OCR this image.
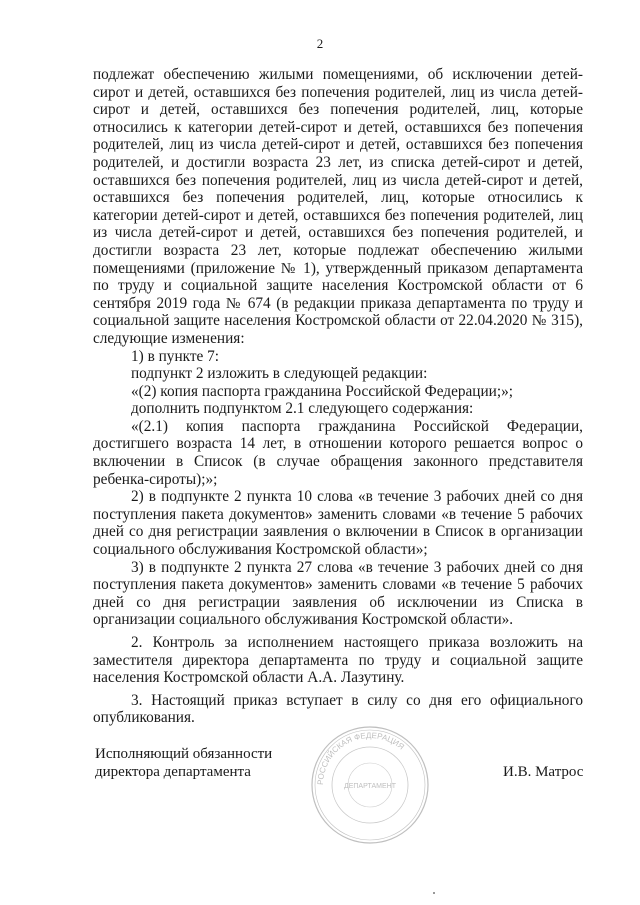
2

подлежат обеспечению жилыми помещениями, об исключении детей-сирот и детей, оставшихся без попечения родителей, лиц из числа детей-сирот и детей, оставшихся без попечения родителей, лиц, которые относились к категории детей-сирот и детей, оставшихся без попечения родителей, лиц из числа детей-сирот и детей, оставшихся без попечения родителей, и достигли возраста 23 лет, из списка детей-сирот и детей, оставшихся без попечения родителей, лиц из числа детей-сирот и детей, оставшихся без попечения родителей, лиц, которые относились к категории детей-сирот и детей, оставшихся без попечения родителей, лиц из числа детей-сирот и детей, оставшихся без попечения родителей, и достигли возраста 23 лет, которые подлежат обеспечению жилыми помещениями (приложение № 1), утвержденный приказом департамента по труду и социальной защите населения Костромской области от 6 сентября 2019 года № 674 (в редакции приказа департамента по труду и социальной защите населения Костромской области от 22.04.2020 № 315), следующие изменения:

1) в пункте 7:

подпункт 2 изложить в следующей редакции:

«(2) копия паспорта гражданина Российской Федерации;»;

дополнить подпунктом 2.1 следующего содержания:

«(2.1) копия паспорта гражданина Российской Федерации, достигшего возраста 14 лет, в отношении которого решается вопрос о включении в Список (в случае обращения законного представителя ребенка-сироты);»;

2) в подпункте 2 пункта 10 слова «в течение 3 рабочих дней со дня поступления пакета документов» заменить словами «в течение 5 рабочих дней со дня регистрации заявления о включении в Список в организации социального обслуживания Костромской области»;

3) в подпункте 2 пункта 27 слова «в течение 3 рабочих дней со дня поступления пакета документов» заменить словами «в течение 5 рабочих дней со дня регистрации заявления об исключении из Списка в организации социального обслуживания Костромской области».

2. Контроль за исполнением настоящего приказа возложить на заместителя директора департамента по труду и социальной защите населения Костромской области А.А. Лазутину.

3. Настоящий приказ вступает в силу со дня его официального опубликования.

Исполняющий обязанности
директора департамента
РОССИЙСКАЯ ФЕДЕРАЦИЯ
ДЕПАРТАМЕНТ
И.В. Матрос
